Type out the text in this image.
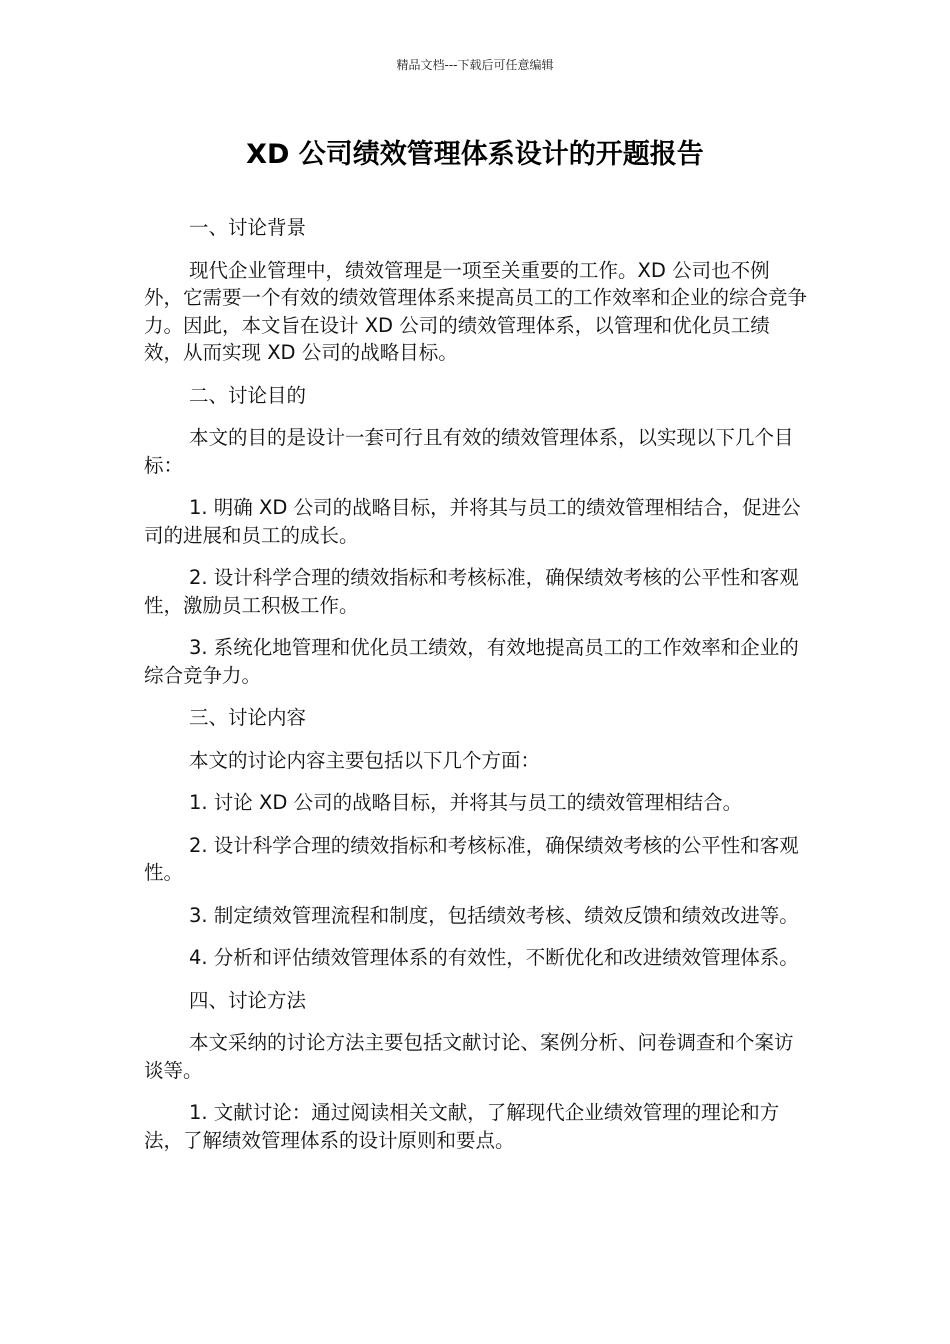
精品文档---下载后可任意编辑
XD 公司绩效管理体系设计的开题报告

一、讨论背景

现代企业管理中，绩效管理是一项至关重要的工作。XD 公司也不例外，它需要一个有效的绩效管理体系来提高员工的工作效率和企业的综合竞争力。因此，本文旨在设计 XD 公司的绩效管理体系，以管理和优化员工绩效，从而实现 XD 公司的战略目标。

二、讨论目的

本文的目的是设计一套可行且有效的绩效管理体系，以实现以下几个目标：

1. 明确 XD 公司的战略目标，并将其与员工的绩效管理相结合，促进公司的进展和员工的成长。

2. 设计科学合理的绩效指标和考核标准，确保绩效考核的公平性和客观性，激励员工积极工作。

3. 系统化地管理和优化员工绩效，有效地提高员工的工作效率和企业的综合竞争力。

三、讨论内容

本文的讨论内容主要包括以下几个方面：

1. 讨论 XD 公司的战略目标，并将其与员工的绩效管理相结合。

2. 设计科学合理的绩效指标和考核标准，确保绩效考核的公平性和客观性。

3. 制定绩效管理流程和制度，包括绩效考核、绩效反馈和绩效改进等。

4. 分析和评估绩效管理体系的有效性，不断优化和改进绩效管理体系。

四、讨论方法

本文采纳的讨论方法主要包括文献讨论、案例分析、问卷调查和个案访谈等。

1. 文献讨论：通过阅读相关文献，了解现代企业绩效管理的理论和方法，了解绩效管理体系的设计原则和要点。
